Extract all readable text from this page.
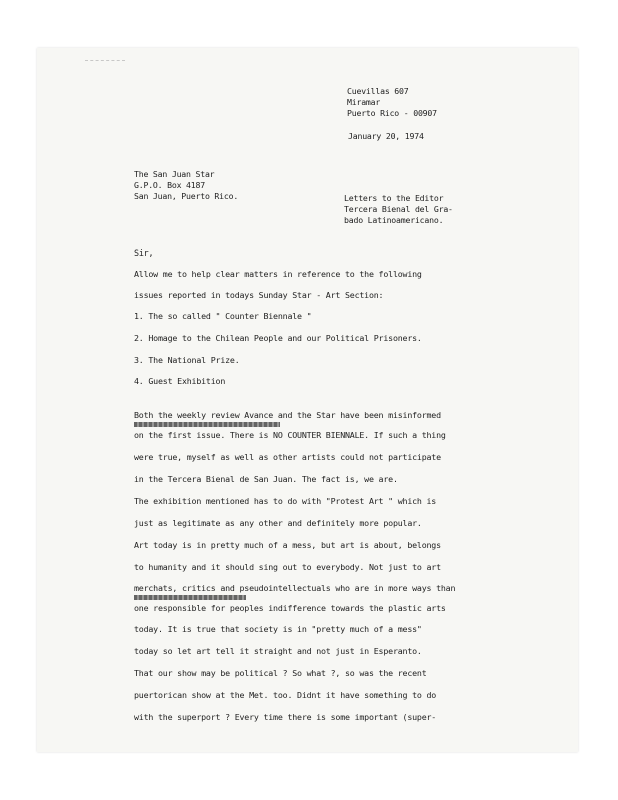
Cuevillas 607
Miramar
Puerto Rico - 00907
January 20, 1974
The San Juan Star
G.P.O. Box 4187
San Juan, Puerto Rico.	Letters to the Editor
Tercera Bienal del Gra-
bado Latinoamericano.
Sir,
Allow me to help clear matters in reference to the following
issues reported in todays Sunday Star - Art Section:
1. The so called " Counter Biennale "
2. Homage to the Chilean People and our Political Prisoners.
3. The National Prize.
4. Guest Exhibition
Both the weekly review Avance and the Star have been misinformed
on the first issue. There is NO COUNTER BIENNALE. If such a thing
were true, myself as well as other artists could not participate
in the Tercera Bienal de San Juan. The fact is, we are.
The exhibition mentioned has to do with "Protest Art " which is
just as legitimate as any other and definitely more popular.
Art today is in pretty much of a mess, but art is about, belongs
to humanity and it should sing out to everybody. Not just to art
merchats, critics and pseudointellectuals who are in more ways than
one responsible for peoples indifference towards the plastic arts
today. It is true that society is in "pretty much of a mess"
today so let art tell it straight and not just in Esperanto.
That our show may be political ? So what ?, so was the recent
puertorican show at the Met. too. Didnt it have something to do
with the superport ? Every time there is some important (super-
